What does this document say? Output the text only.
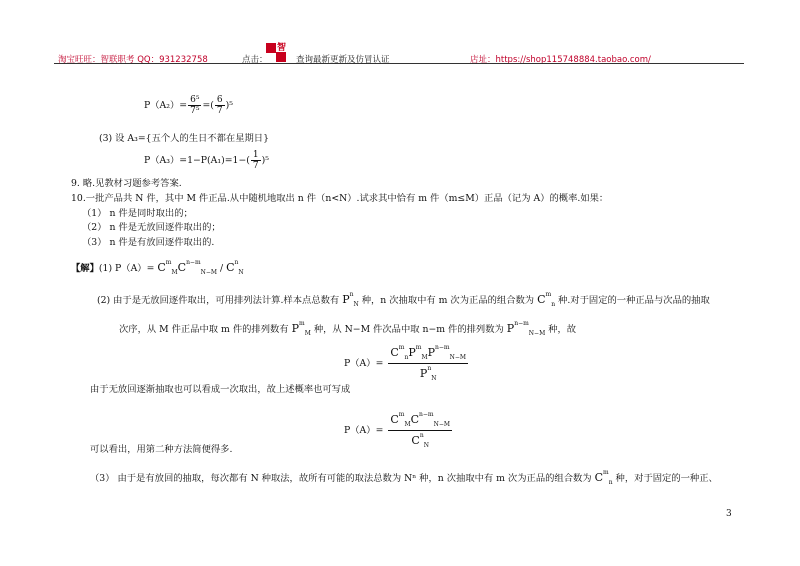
淘宝旺旺：智联职考 QQ：931232758	点击：	查询最新更新及仿冒认证	店址：https://shop115748884.taobao.com/
智
$P(A_2)= \frac{\text{6⁵}}{\text{7⁵}}$ =( $\frac{6}{7} )^5$
(3) 设 A₃={五个人的生日不都在星期日}
$P(A_3)=1-P(A_1)=1-( \frac{1}{7} )^5$
9. 略.见教材习题参考答案.
10.一批产品共 N 件，其中 M 件正品.从中随机地取出 n 件（n<N）.试求其中恰有 m 件（m≤M）正品（记为 A）的概率.如果：
（1） n 件是同时取出的；
（2） n 件是无放回逐件取出的；
（3） n 件是有放回逐件取出的.
【解】(1) $P(A)= C^m_MC^{n-m}_{N-M} / C^n_N$
(2) 由于是无放回逐件取出，可用排列法计算.样本点总数有 $P^n_N$ 种，n 次抽取中有 m 次为正品的组合数为 $C^m_n$ 种.对于固定的一种正品与次品的抽取
次序，从 M 件正品中取 m 件的排列数有 $P^m_M$ 种，从 N−M 件次品中取 n−m 件的排列数为 $P^{n-m}_{N-M}$ 种，故
$P(A)= \frac{C^m_nP^m_MP^{n-m}_{N-M}}{P^n_N}$
由于无放回逐渐抽取也可以看成一次取出，故上述概率也可写成
$P(A)= \frac{C^m_MC^{n-m}_{N-M}}{C^n_N}$
可以看出，用第二种方法简便得多.
（3） 由于是有放回的抽取，每次都有 N 种取法，故所有可能的取法总数为 Nⁿ 种，n 次抽取中有 m 次为正品的组合数为 $C^m_n$ 种，对于固定的一种正、
3
